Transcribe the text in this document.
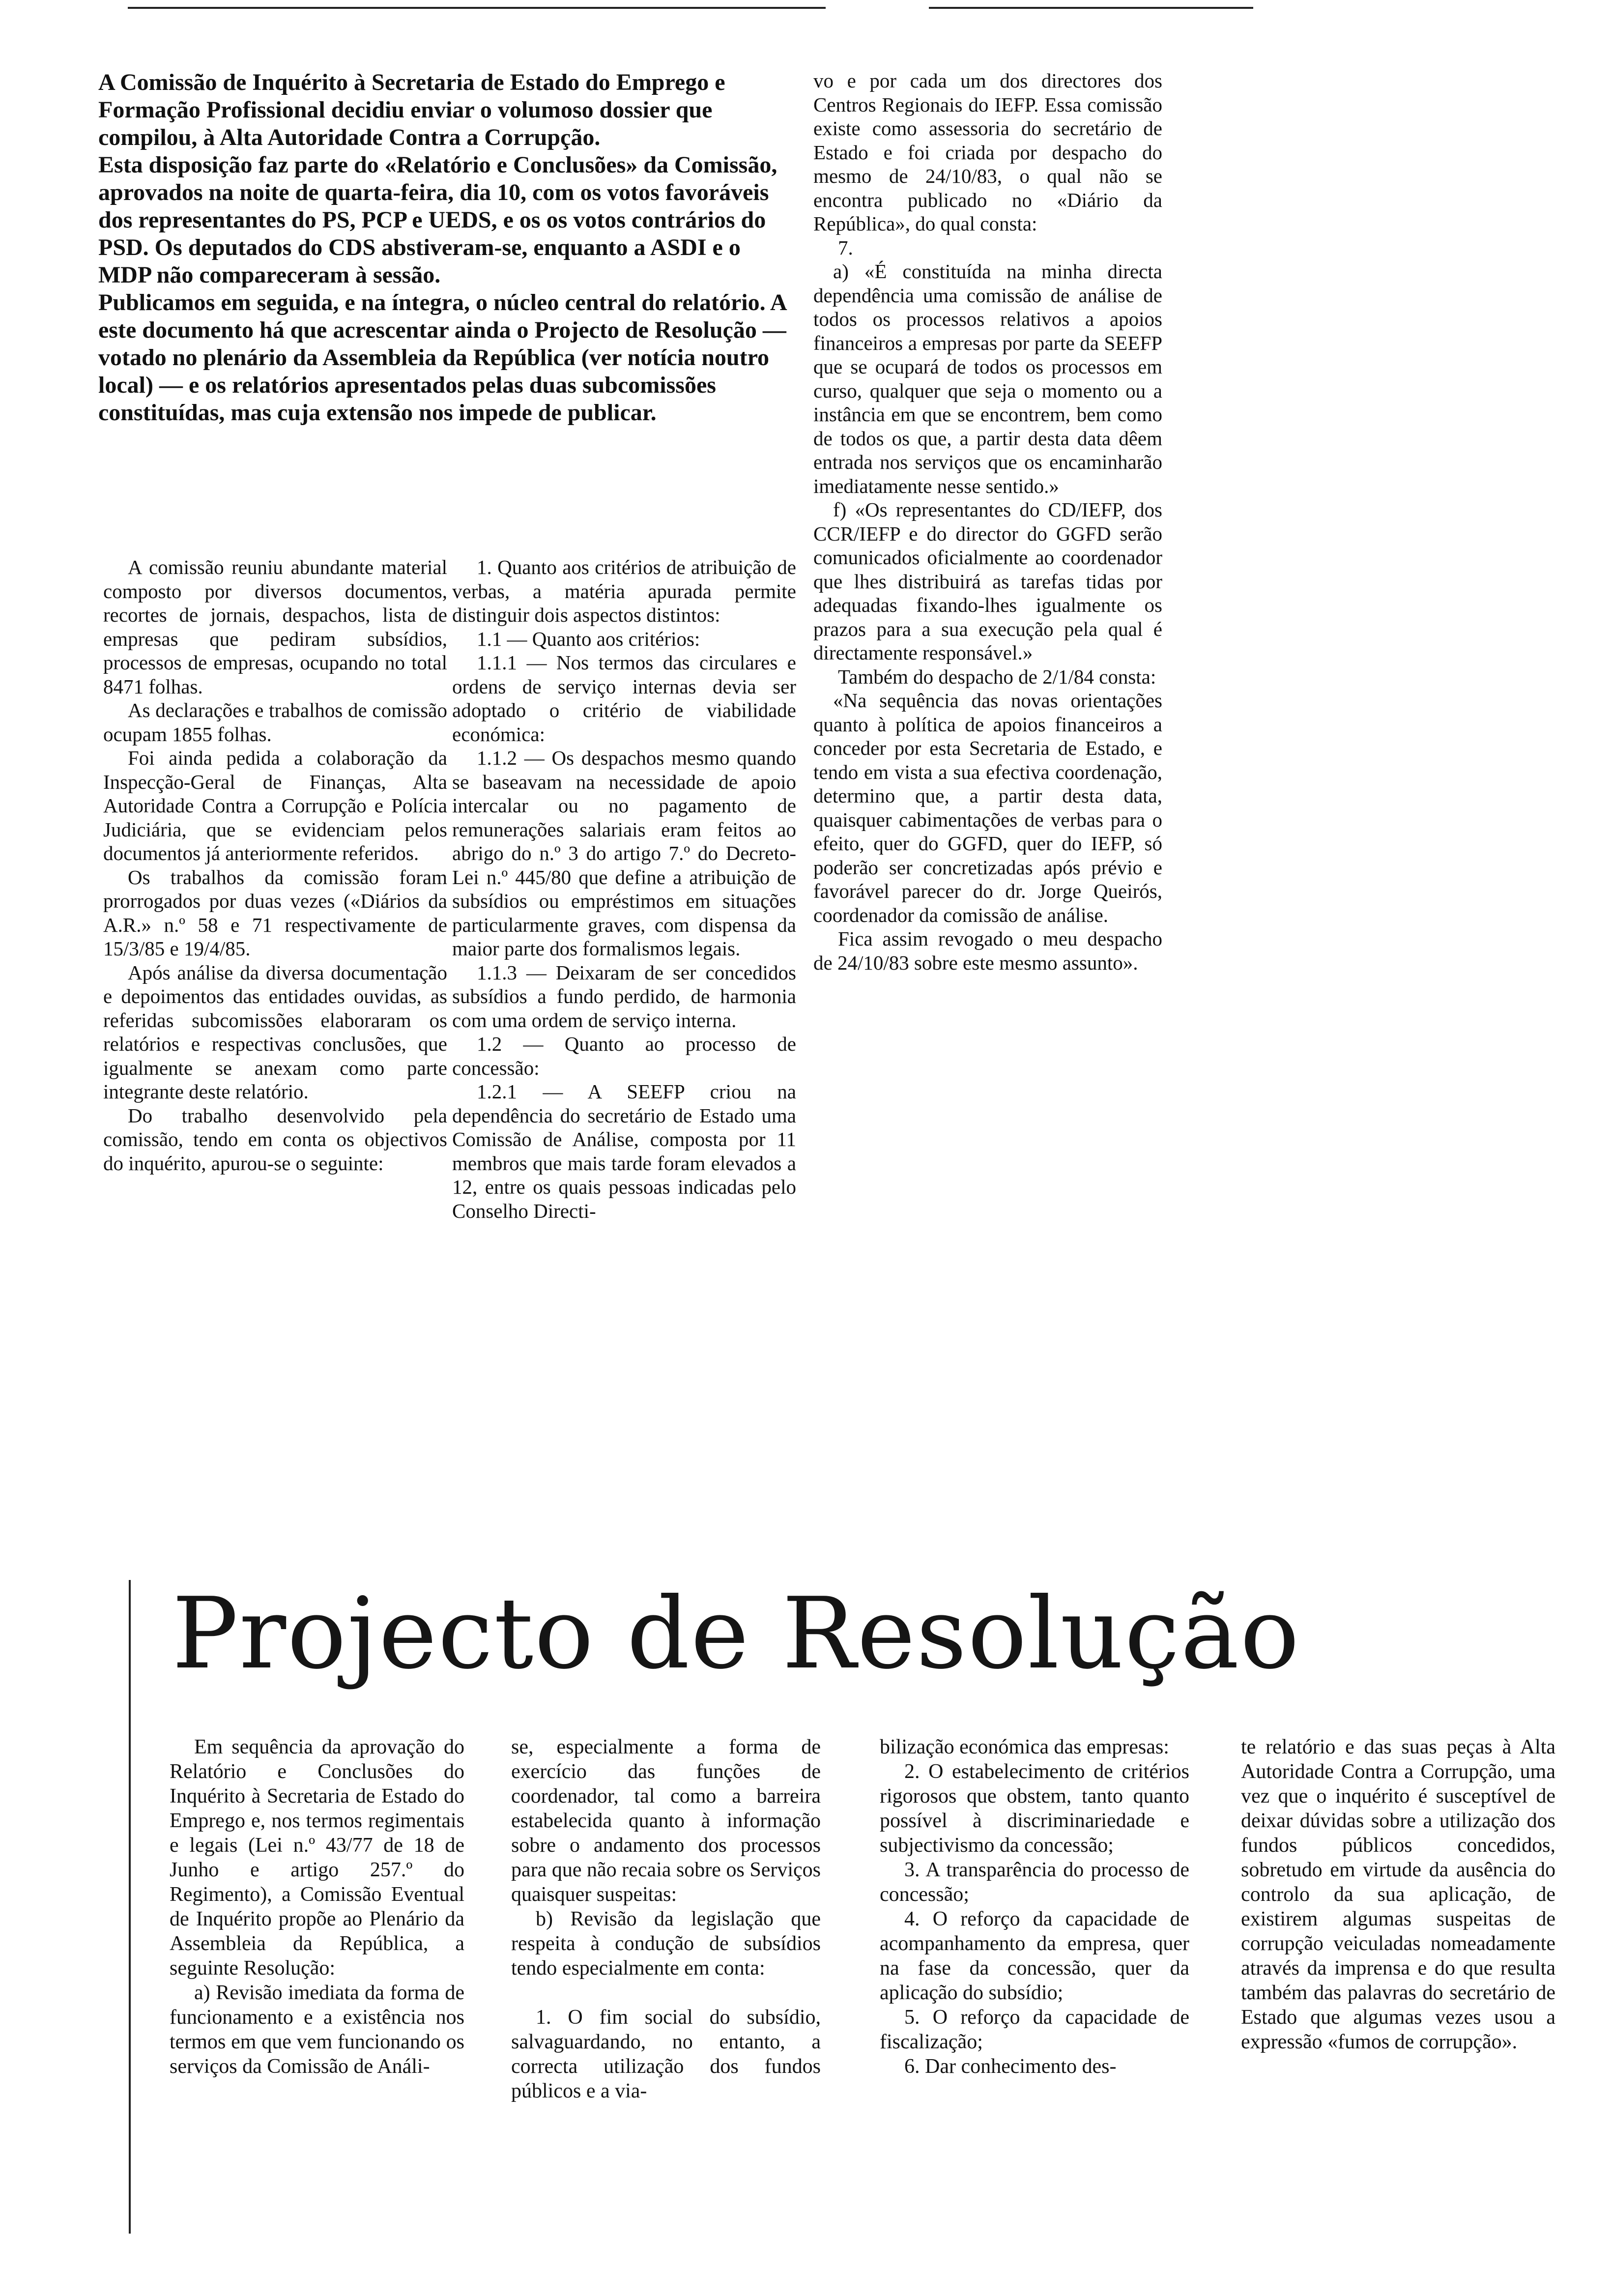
A Comissão de Inquérito à Secretaria de Estado do Emprego e Formação Profissional decidiu enviar o volumoso dossier que compilou, à Alta Autoridade Contra a Corrupção.

Esta disposição faz parte do «Relatório e Conclusões» da Comissão, aprovados na noite de quarta-feira, dia 10, com os votos favoráveis dos representantes do PS, PCP e UEDS, e os os votos contrários do PSD. Os deputados do CDS abstiveram-se, enquanto a ASDI e o MDP não compareceram à sessão.

Publicamos em seguida, e na íntegra, o núcleo central do relatório. A este documento há que acrescentar ainda o Projecto de Resolução — votado no plenário da Assembleia da República (ver notícia noutro local) — e os relatórios apresentados pelas duas subcomissões constituídas, mas cuja extensão nos impede de publicar.

A comissão reuniu abundante material composto por diversos documentos, recortes de jornais, despachos, lista de empresas que pediram subsídios, processos de empresas, ocupando no total 8471 folhas.

As declarações e trabalhos de comissão ocupam 1855 folhas.

Foi ainda pedida a colaboração da Inspecção-Geral de Finanças, Alta Autoridade Contra a Corrupção e Polícia Judiciária, que se evidenciam pelos documentos já anteriormente referidos.

Os trabalhos da comissão foram prorrogados por duas vezes («Diários da A.R.» n.º 58 e 71 respectivamente de 15/3/85 e 19/4/85.

Após análise da diversa documentação e depoimentos das entidades ouvidas, as referidas subcomissões elaboraram os relatórios e respectivas conclusões, que igualmente se anexam como parte integrante deste relatório.

Do trabalho desenvolvido pela comissão, tendo em conta os objectivos do inquérito, apurou-se o seguinte:

1. Quanto aos critérios de atribuição de verbas, a matéria apurada permite distinguir dois aspectos distintos:

1.1 — Quanto aos critérios:

1.1.1 — Nos termos das circulares e ordens de serviço internas devia ser adoptado o critério de viabilidade económica:

1.1.2 — Os despachos mesmo quando se baseavam na necessidade de apoio intercalar ou no pagamento de remunerações salariais eram feitos ao abrigo do n.º 3 do artigo 7.º do Decreto-Lei n.º 445/80 que define a atribuição de subsídios ou empréstimos em situações particularmente graves, com dispensa da maior parte dos formalismos legais.

1.1.3 — Deixaram de ser concedidos subsídios a fundo perdido, de harmonia com uma ordem de serviço interna.

1.2 — Quanto ao processo de concessão:

1.2.1 — A SEEFP criou na dependência do secretário de Estado uma Comissão de Análise, composta por 11 membros que mais tarde foram elevados a 12, entre os quais pessoas indicadas pelo Conselho Directi-

vo e por cada um dos directores dos Centros Regionais do IEFP. Essa comissão existe como assessoria do secretário de Estado e foi criada por despacho do mesmo de 24/10/83, o qual não se encontra publicado no «Diário da República», do qual consta:

7.

a) «É constituída na minha directa dependência uma comissão de análise de todos os processos relativos a apoios financeiros a empresas por parte da SEEFP que se ocupará de todos os processos em curso, qualquer que seja o momento ou a instância em que se encontrem, bem como de todos os que, a partir desta data dêem entrada nos serviços que os encaminharão imediatamente nesse sentido.»

f) «Os representantes do CD/IEFP, dos CCR/IEFP e do director do GGFD serão comunicados oficialmente ao coordenador que lhes distribuirá as tarefas tidas por adequadas fixando-lhes igualmente os prazos para a sua execução pela qual é directamente responsável.»

Também do despacho de 2/1/84 consta:

«Na sequência das novas orientações quanto à política de apoios financeiros a conceder por esta Secretaria de Estado, e tendo em vista a sua efectiva coordenação, determino que, a partir desta data, quaisquer cabimentações de verbas para o efeito, quer do GGFD, quer do IEFP, só poderão ser concretizadas após prévio e favorável parecer do dr. Jorge Queirós, coordenador da comissão de análise.

Fica assim revogado o meu despacho de 24/10/83 sobre este mesmo assunto».

Projecto de Resolução

Em sequência da aprovação do Relatório e Conclusões do Inquérito à Secretaria de Estado do Emprego e, nos termos regimentais e legais (Lei n.º 43/77 de 18 de Junho e artigo 257.º do Regimento), a Comissão Eventual de Inquérito propõe ao Plenário da Assembleia da República, a seguinte Resolução:

a) Revisão imediata da forma de funcionamento e a existência nos termos em que vem funcionando os serviços da Comissão de Análi-

se, especialmente a forma de exercício das funções de coordenador, tal como a barreira estabelecida quanto à informação sobre o andamento dos processos para que não recaia sobre os Serviços quaisquer suspeitas:

b) Revisão da legislação que respeita à condução de subsídios tendo especialmente em conta:

1. O fim social do subsídio, salvaguardando, no entanto, a correcta utilização dos fundos públicos e a via-

bilização económica das empresas:

2. O estabelecimento de critérios rigorosos que obstem, tanto quanto possível à discriminariedade e subjectivismo da concessão;

3. A transparência do processo de concessão;

4. O reforço da capacidade de acompanhamento da empresa, quer na fase da concessão, quer da aplicação do subsídio;

5. O reforço da capacidade de fiscalização;

6. Dar conhecimento des-

te relatório e das suas peças à Alta Autoridade Contra a Corrupção, uma vez que o inquérito é susceptível de deixar dúvidas sobre a utilização dos fundos públicos concedidos, sobretudo em virtude da ausência do controlo da sua aplicação, de existirem algumas suspeitas de corrupção veiculadas nomeadamente através da imprensa e do que resulta também das palavras do secretário de Estado que algumas vezes usou a expressão «fumos de corrupção».
